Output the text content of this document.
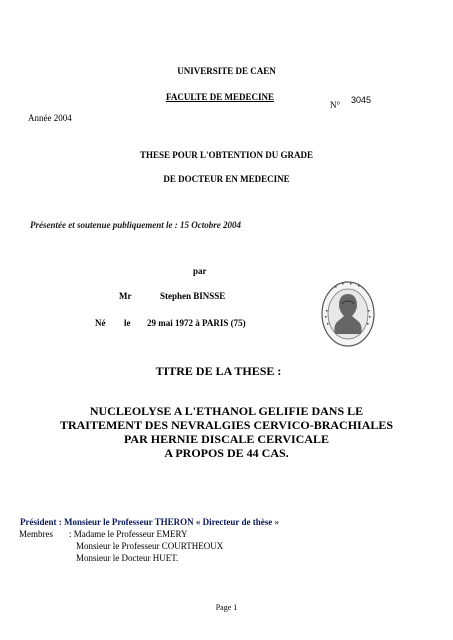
UNIVERSITE DE CAEN
FACULTE DE MEDECINE
N° 3045
Année 2004
THESE POUR L'OBTENTION DU GRADE
DE DOCTEUR EN MEDECINE
Présentée et soutenue publiquement le : 15 Octobre 2004
par
Mr	Stephen BINSSE
Né le 29 mai 1972 à PARIS (75)
TITRE DE LA THESE :
NUCLEOLYSE A L'ETHANOL GELIFIE DANS LE
TRAITEMENT DES NEVRALGIES CERVICO-BRACHIALES
PAR HERNIE DISCALE CERVICALE
A PROPOS DE 44 CAS.
Président : Monsieur le Professeur THERON « Directeur de thèse »
Membres : Madame le Professeur EMERY
Monsieur le Professeur COURTHEOUX
Monsieur le Docteur HUET.
Page 1
